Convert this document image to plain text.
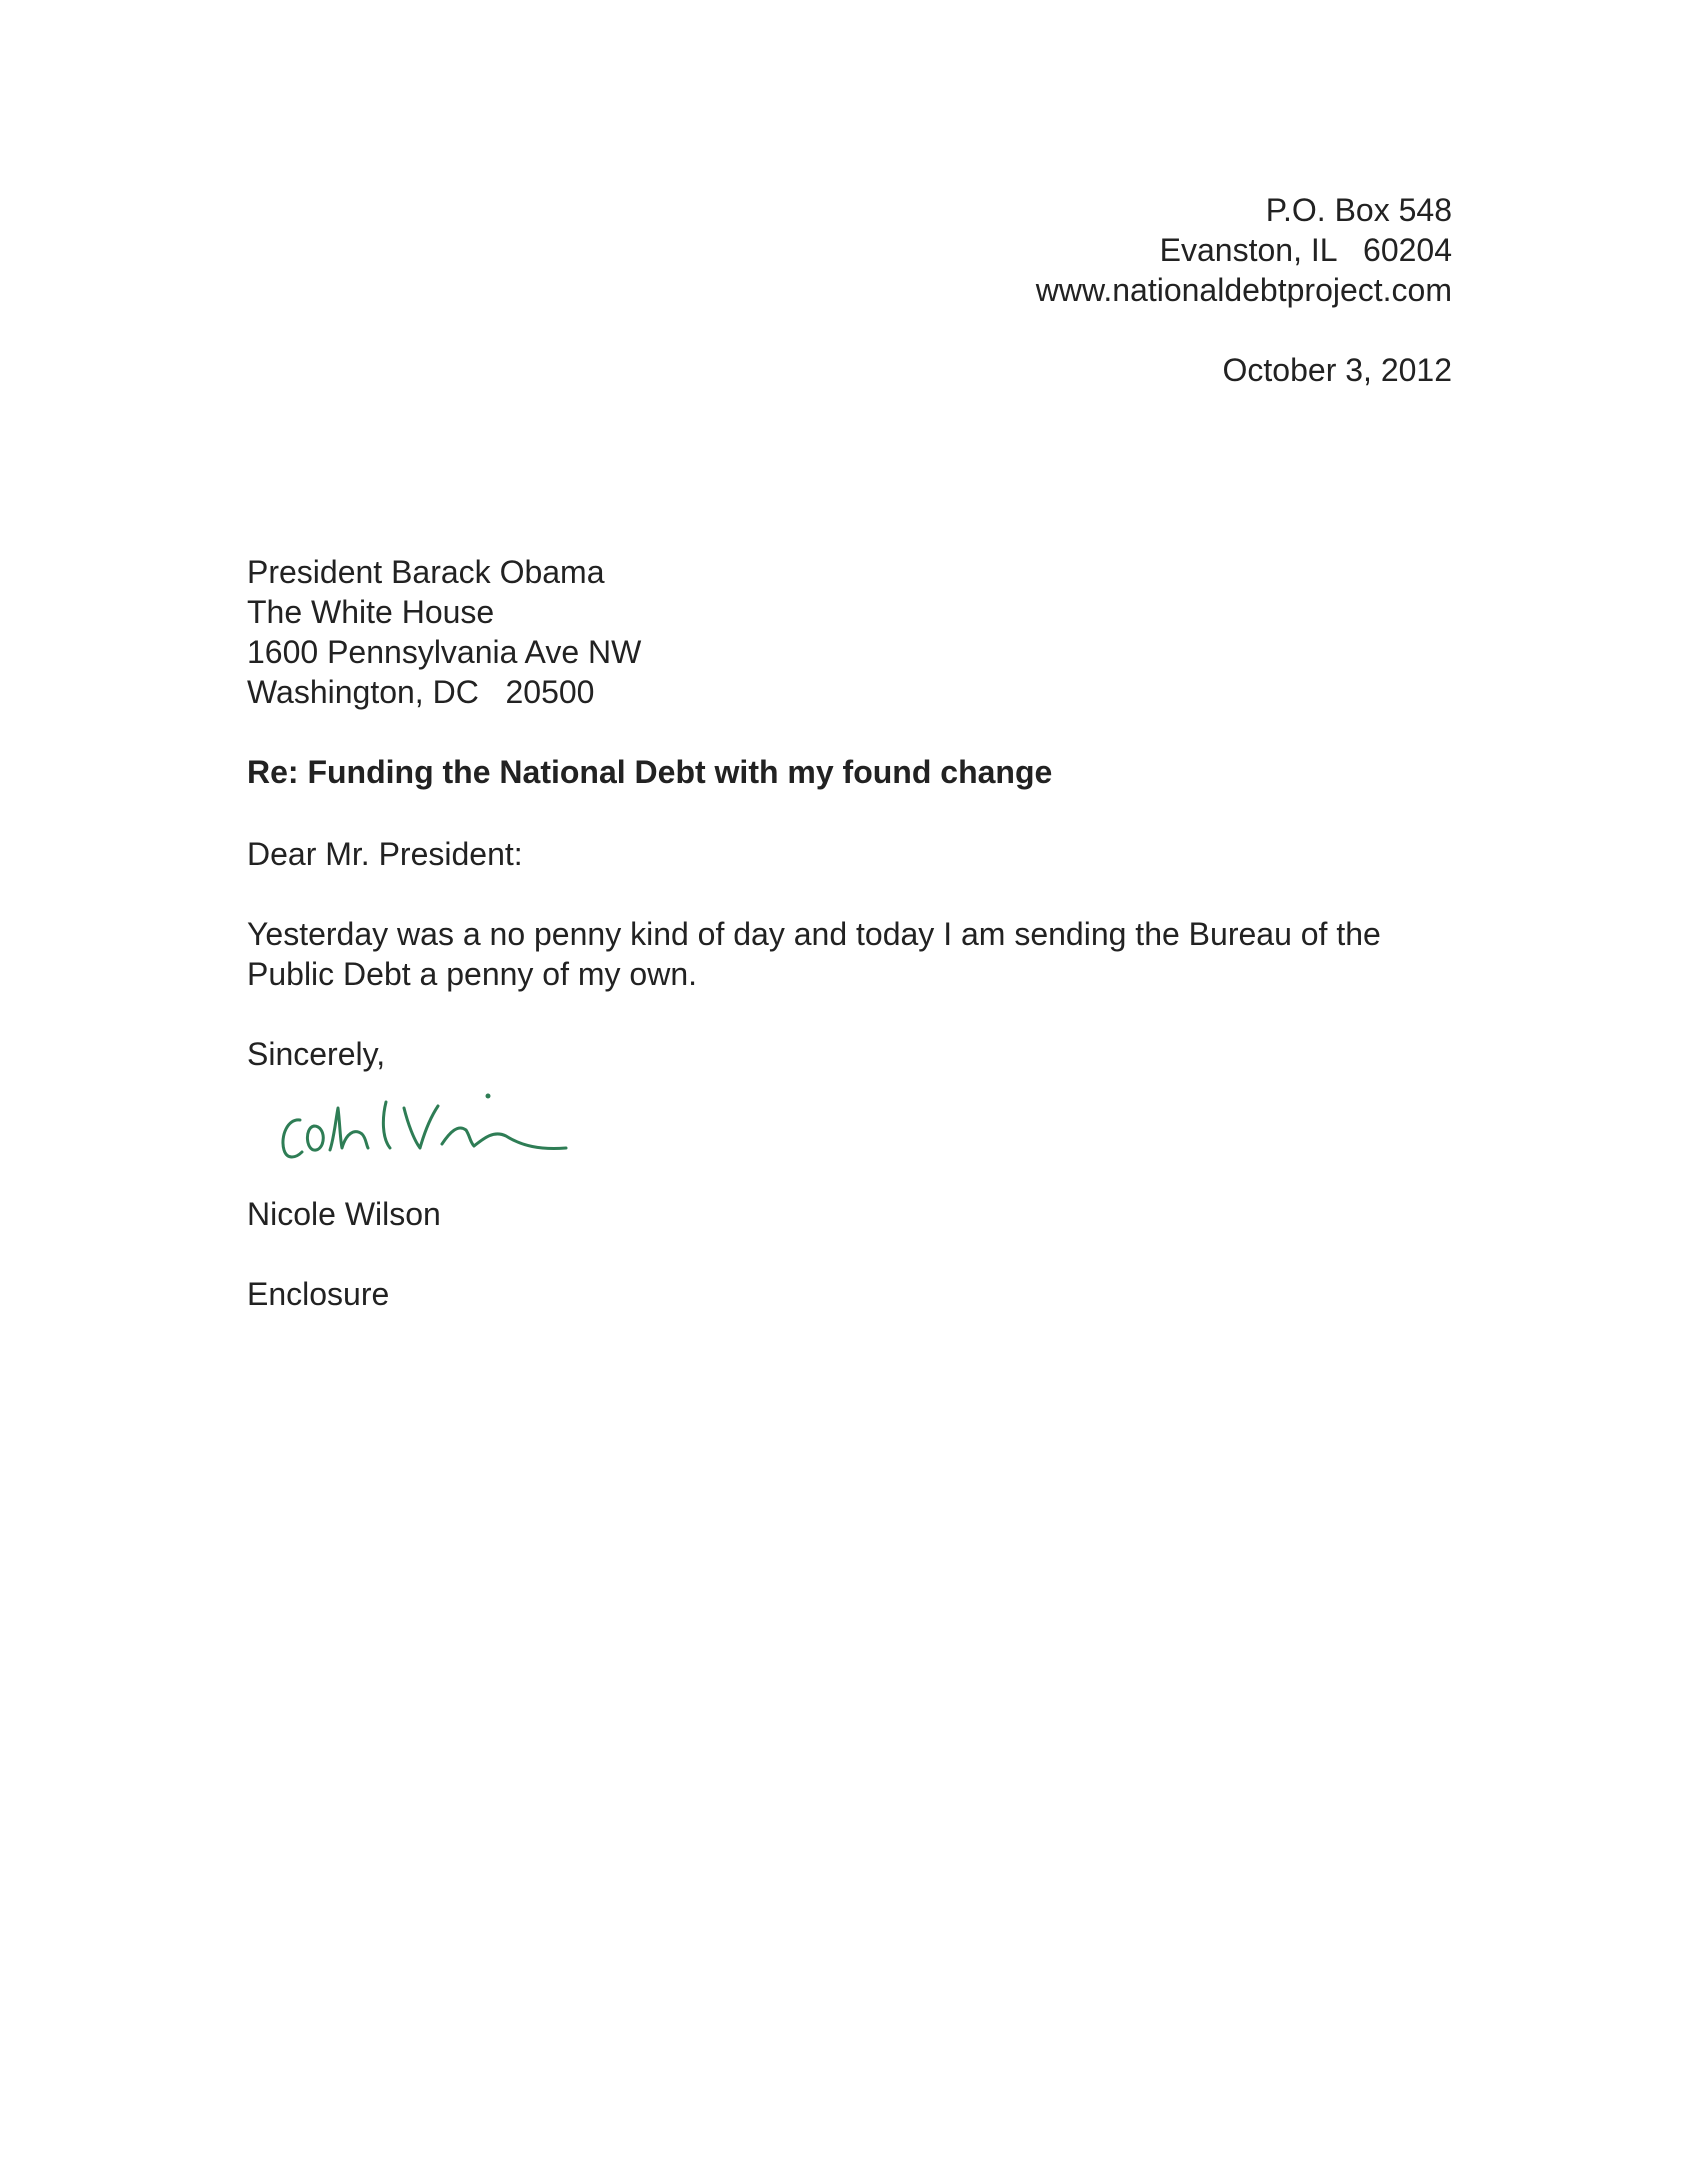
P.O. Box 548
Evanston, IL   60204
www.nationaldebtproject.com
October 3, 2012
President Barack Obama
The White House
1600 Pennsylvania Ave NW
Washington, DC   20500
Re: Funding the National Debt with my found change
Dear Mr. President:
Yesterday was a no penny kind of day and today I am sending the Bureau of the Public Debt a penny of my own.
Sincerely,
Nicole Wilson
Enclosure
